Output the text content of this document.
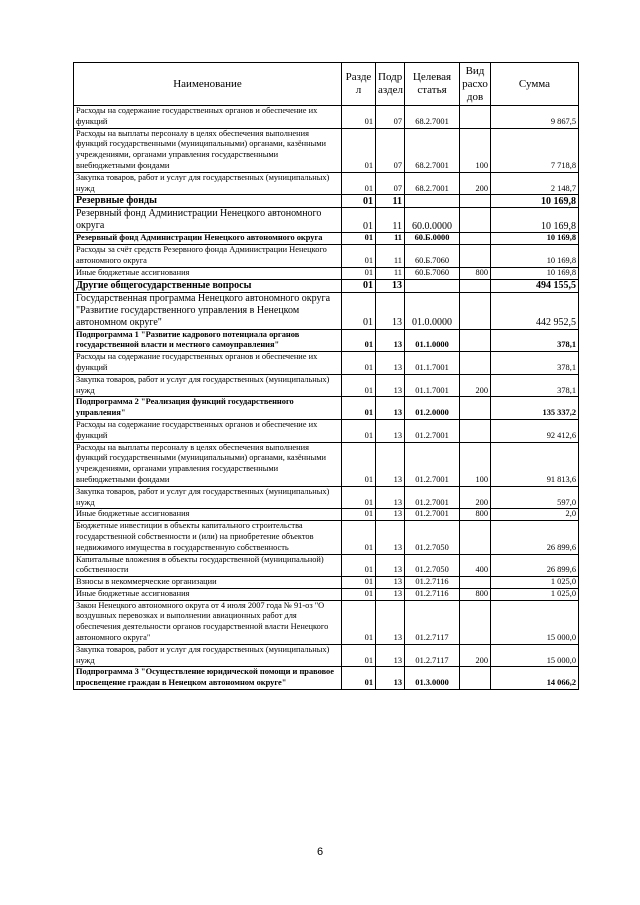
Наименование	Разде л	Подр аздел	Целевая статья	Вид расхо дов	Сумма
Расходы на содержание государственных органов и обеспечение их функций	01	07	68.2.7001		9 867,5
Расходы на выплаты персоналу в целях обеспечения выполнения функций государственными (муниципальными) органами, казёнными учреждениями, органами управления государственными внебюджетными фондами	01	07	68.2.7001	100	7 718,8
Закупка товаров, работ и услуг для государственных (муниципальных) нужд	01	07	68.2.7001	200	2 148,7
Резервные фонды	01	11			10 169,8
Резервный фонд Администрации Ненецкого автономного округа	01	11	60.0.0000		10 169,8
Резервный фонд Администрации Ненецкого автономного округа	01	11	60.Б.0000		10 169,8
Расходы за счёт средств Резервного фонда Администрации Ненецкого автономного округа	01	11	60.Б.7060		10 169,8
Иные бюджетные ассигнования	01	11	60.Б.7060	800	10 169,8
Другие общегосударственные вопросы	01	13			494 155,5
Государственная программа Ненецкого автономного округа "Развитие государственного управления в Ненецком автономном округе"	01	13	01.0.0000		442 952,5
Подпрограмма 1 "Развитие кадрового потенциала органов государственной власти и местного самоуправления"	01	13	01.1.0000		378,1
Расходы на содержание государственных органов и обеспечение их функций	01	13	01.1.7001		378,1
Закупка товаров, работ и услуг для государственных (муниципальных) нужд	01	13	01.1.7001	200	378,1
Подпрограмма 2 "Реализация функций государственного управления"	01	13	01.2.0000		135 337,2
Расходы на содержание государственных органов и обеспечение их функций	01	13	01.2.7001		92 412,6
Расходы на выплаты персоналу в целях обеспечения выполнения функций государственными (муниципальными) органами, казёнными учреждениями, органами управления государственными внебюджетными фондами	01	13	01.2.7001	100	91 813,6
Закупка товаров, работ и услуг для государственных (муниципальных) нужд	01	13	01.2.7001	200	597,0
Иные бюджетные ассигнования	01	13	01.2.7001	800	2,0
Бюджетные инвестиции в объекты капитального строительства государственной собственности и (или) на приобретение объектов недвижимого имущества в государственную собственность	01	13	01.2.7050		26 899,6
Капитальные вложения в объекты государственной (муниципальной) собственности	01	13	01.2.7050	400	26 899,6
Взносы в некоммерческие организации	01	13	01.2.7116		1 025,0
Иные бюджетные ассигнования	01	13	01.2.7116	800	1 025,0
Закон Ненецкого автономного округа от 4 июля 2007 года № 91-оз "О воздушных перевозках и выполнении авиационных работ для обеспечения деятельности органов государственной власти Ненецкого автономного округа"	01	13	01.2.7117		15 000,0
Закупка товаров, работ и услуг для государственных (муниципальных) нужд	01	13	01.2.7117	200	15 000,0
Подпрограмма 3 "Осуществление юридической помощи и правовое просвещение граждан в Ненецком автономном округе"	01	13	01.3.0000		14 066,2
6
